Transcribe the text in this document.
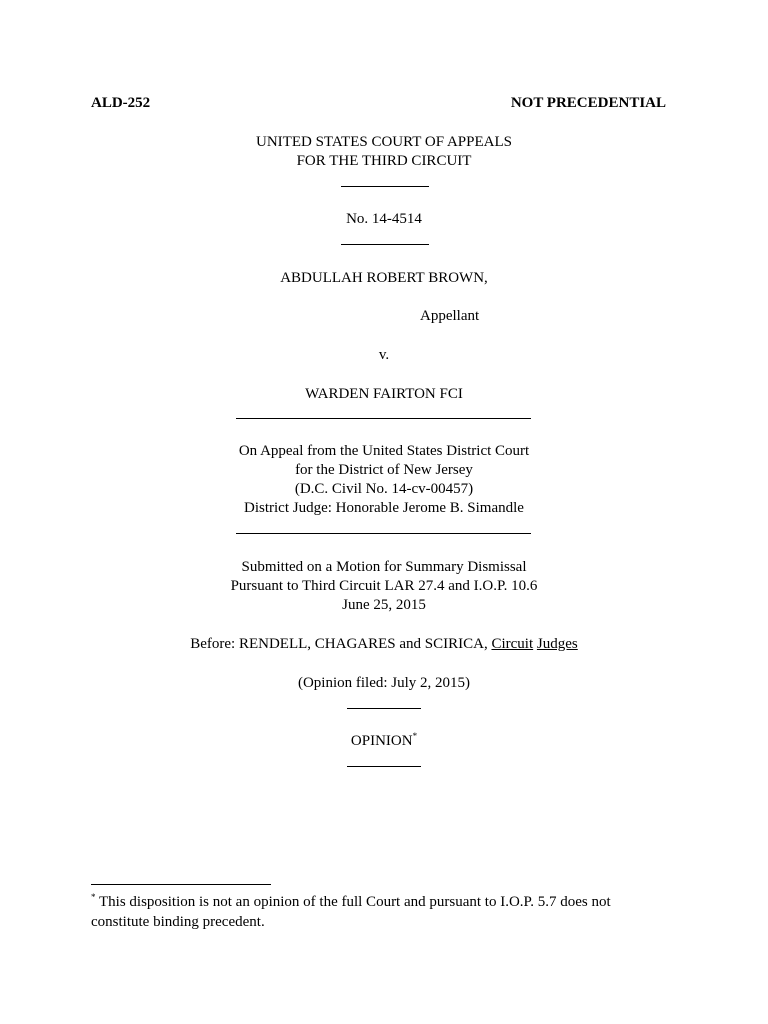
ALD-252	NOT PRECEDENTIAL
UNITED STATES COURT OF APPEALS
FOR THE THIRD CIRCUIT
No. 14-4514
ABDULLAH ROBERT BROWN,
Appellant
v.
WARDEN FAIRTON FCI
On Appeal from the United States District Court
for the District of New Jersey
(D.C. Civil No. 14-cv-00457)
District Judge: Honorable Jerome B. Simandle
Submitted on a Motion for Summary Dismissal
Pursuant to Third Circuit LAR 27.4 and I.O.P. 10.6
June 25, 2015
Before: RENDELL, CHAGARES and SCIRICA, Circuit Judges
(Opinion filed: July 2, 2015)
OPINION*
* This disposition is not an opinion of the full Court and pursuant to I.O.P. 5.7 does not
constitute binding precedent.
